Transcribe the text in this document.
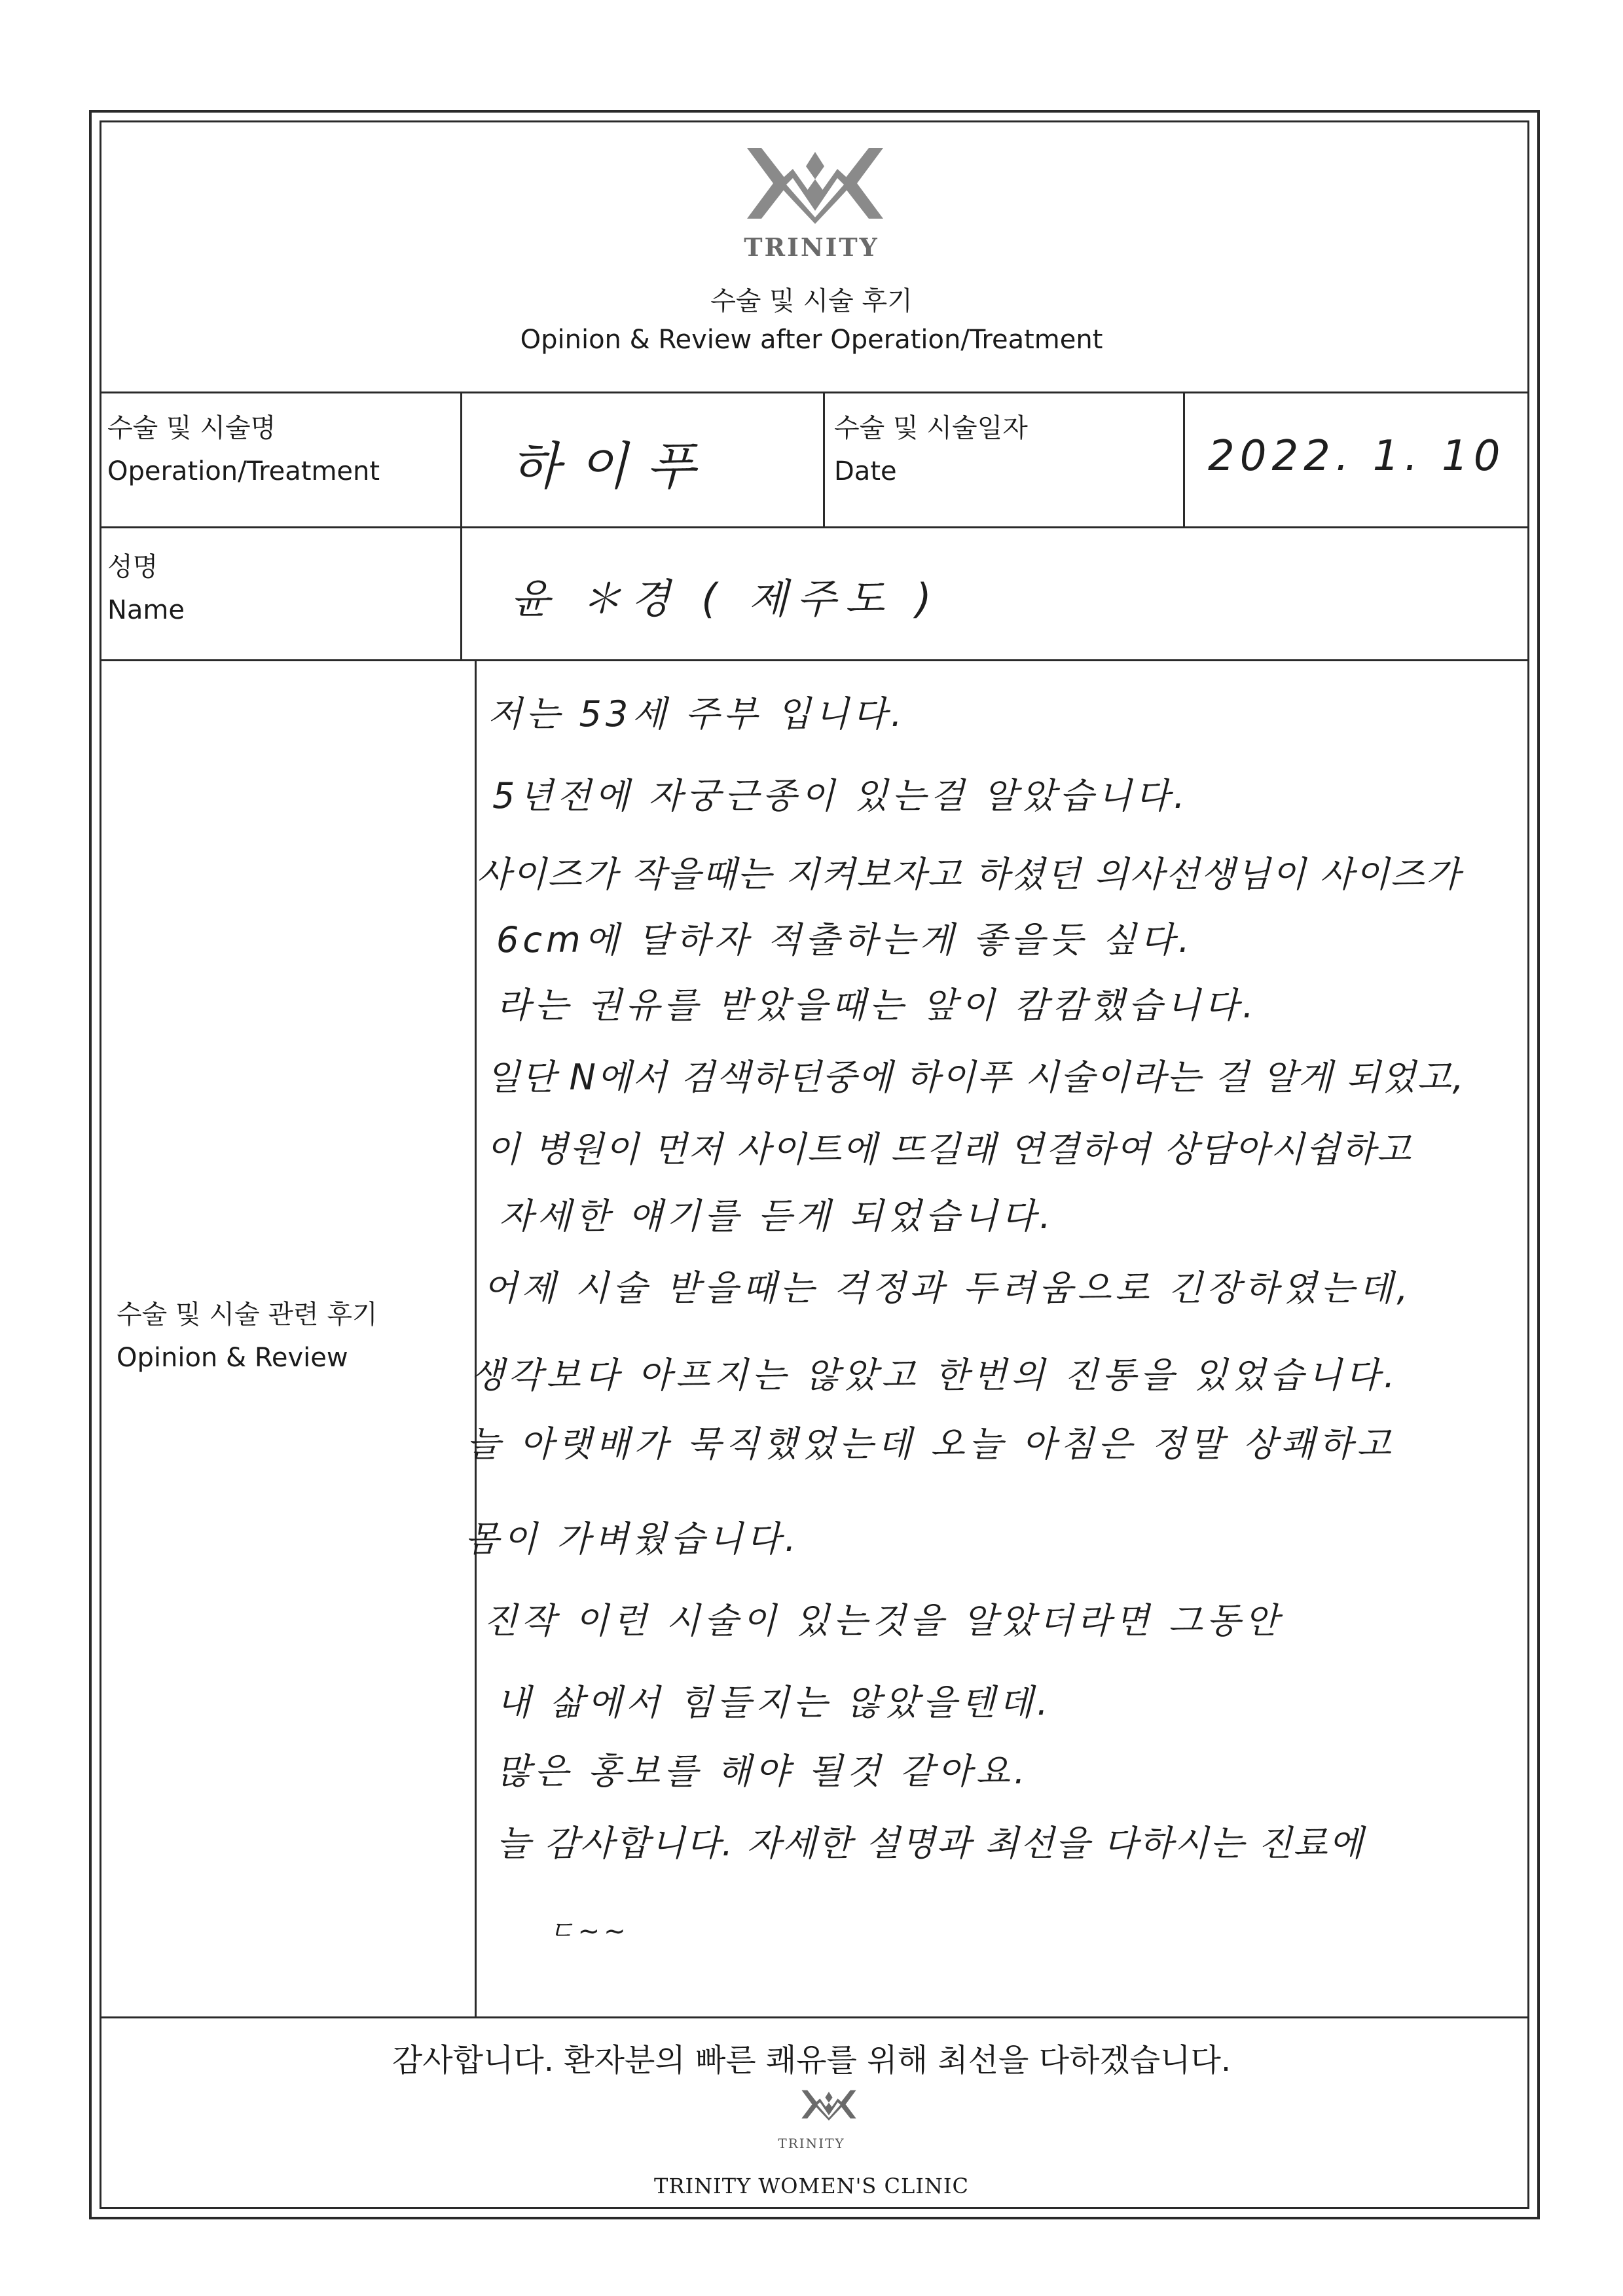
TRINITY
수술 및 시술 후기
Opinion & Review after Operation/Treatment
수술 및 시술명
Operation/Treatment	하이푸
수술 및 시술일자
Date	2022. 1. 10
성명
Name	윤 ＊경 ( 제주도 )
수술 및 시술 관련 후기
Opinion & Review
저는 53세 주부 입니다.
5년전에 자궁근종이 있는걸 알았습니다.
사이즈가 작을때는 지켜보자고 하셨던 의사선생님이 사이즈가
6cm에 달하자 적출하는게 좋을듯 싶다.
라는 권유를 받았을때는 앞이 캄캄했습니다.
일단 N에서 검색하던중에 하이푸 시술이라는 걸 알게 되었고,
이 병원이 먼저 사이트에 뜨길래 연결하여 상담아시쉽하고
자세한 얘기를 듣게 되었습니다.
어제 시술 받을때는 걱정과 두려움으로 긴장하였는데,
생각보다 아프지는 않았고 한번의 진통을 있었습니다.
늘 아랫배가 묵직했었는데 오늘 아침은 정말 상쾌하고
몸이 가벼웠습니다.
진작 이런 시술이 있는것을 알았더라면 그동안
내 삶에서 힘들지는 않았을텐데.
많은 홍보를 해야 될것 같아요.
늘 감사합니다. 자세한 설명과 최선을 다하시는 진료에
ㄷ~~
감사합니다. 환자분의 빠른 쾌유를 위해 최선을 다하겠습니다.
TRINITY
TRINITY WOMEN'S CLINIC
